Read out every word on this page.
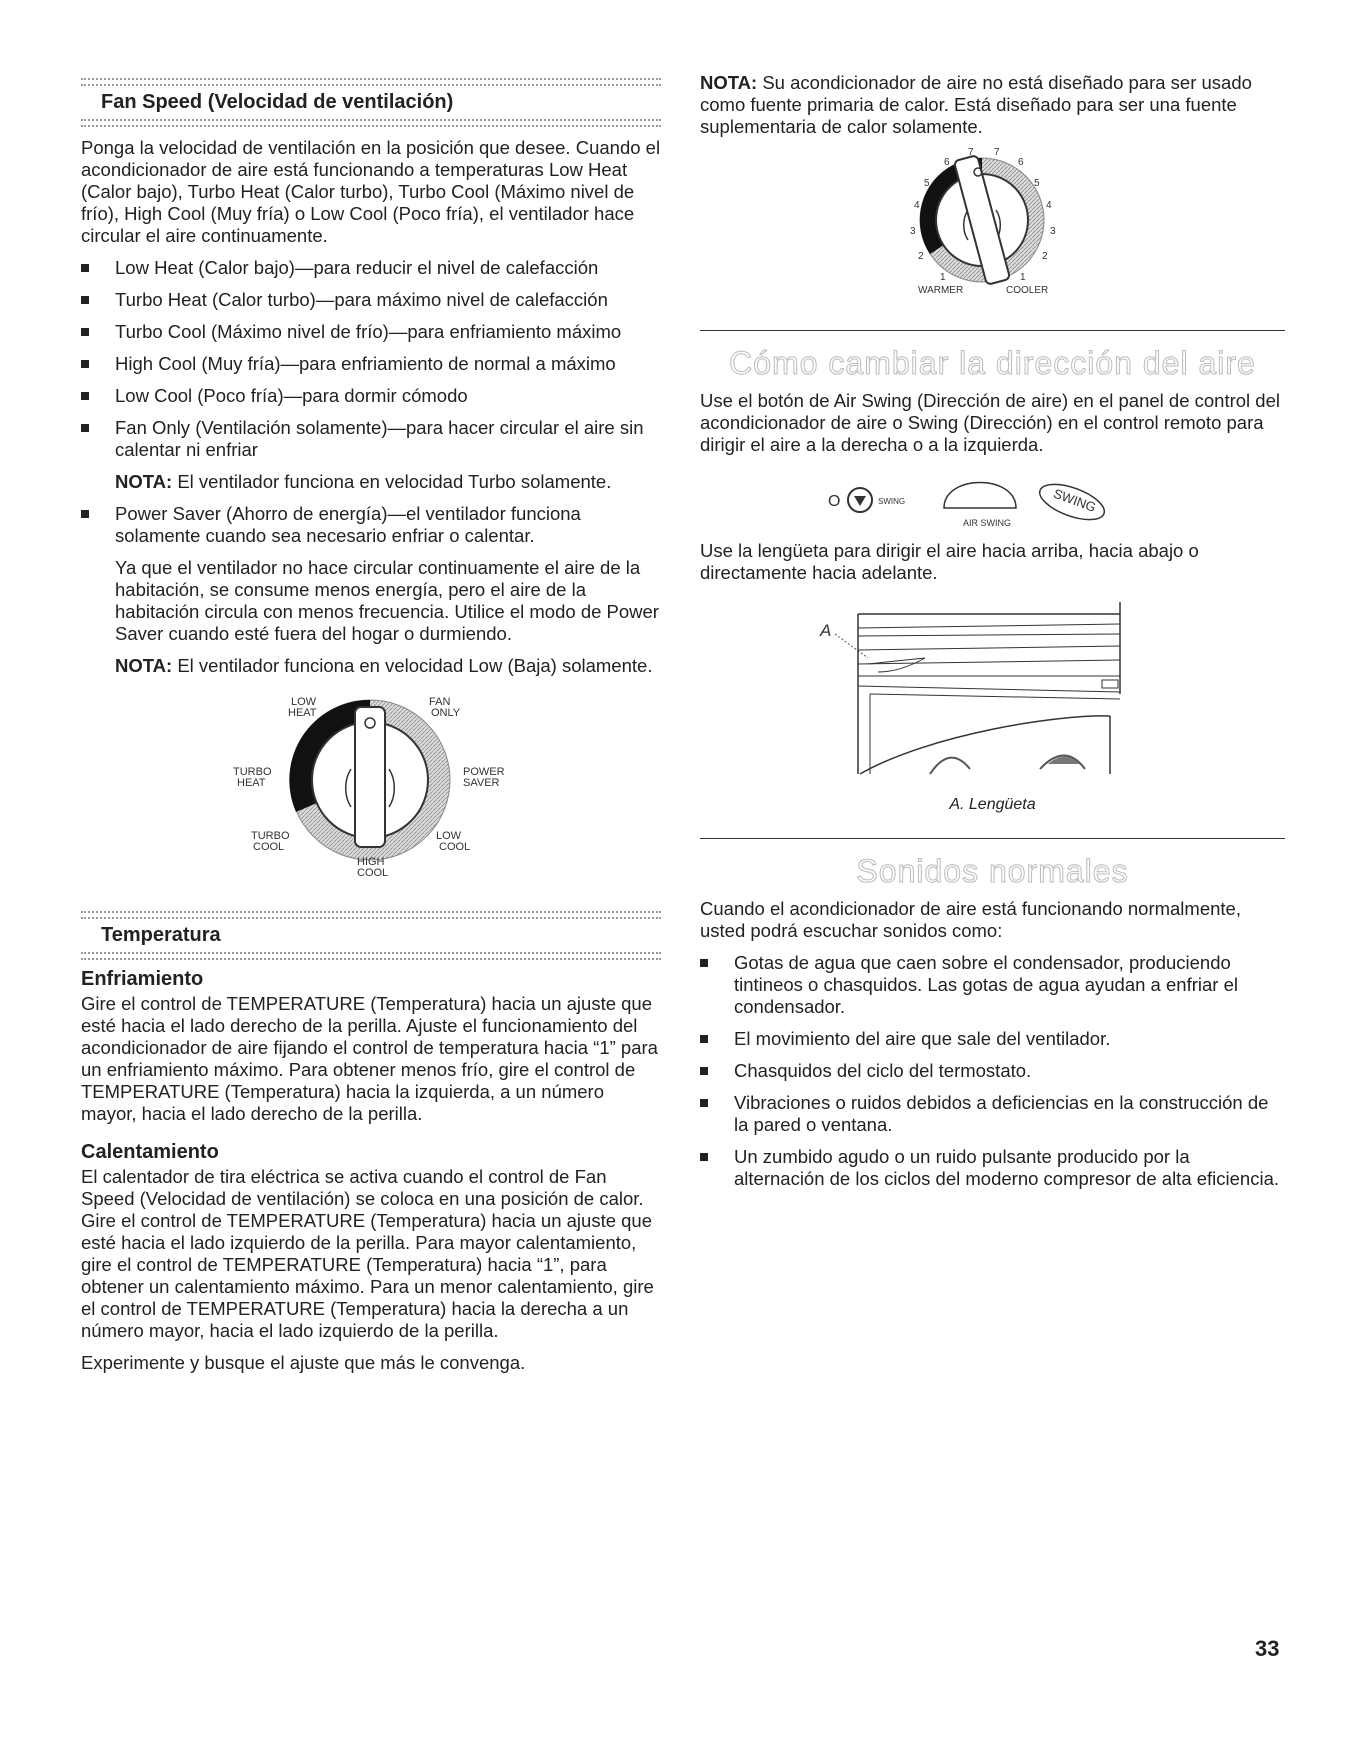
Fan Speed (Velocidad de ventilación)

Ponga la velocidad de ventilación en la posición que desee. Cuando el acondicionador de aire está funcionando a temperaturas Low Heat (Calor bajo), Turbo Heat (Calor turbo), Turbo Cool (Máximo nivel de frío), High Cool (Muy fría) o Low Cool (Poco fría), el ventilador hace circular el aire continuamente.

Low Heat (Calor bajo)—para reducir el nivel de calefacción
Turbo Heat (Calor turbo)—para máximo nivel de calefacción
Turbo Cool (Máximo nivel de frío)—para enfriamiento máximo
High Cool (Muy fría)—para enfriamiento de normal a máximo
Low Cool (Poco fría)—para dormir cómodo
Fan Only (Ventilación solamente)—para hacer circular el aire sin calentar ni enfriar

NOTA: El ventilador funciona en velocidad Turbo solamente.

Power Saver (Ahorro de energía)—el ventilador funciona solamente cuando sea necesario enfriar o calentar.

Ya que el ventilador no hace circular continuamente el aire de la habitación, se consume menos energía, pero el aire de la habitación circula con menos frecuencia. Utilice el modo de Power Saver cuando esté fuera del hogar o durmiendo.

NOTA: El ventilador funciona en velocidad Low (Baja) solamente.

LOW
HEAT
FAN
ONLY
TURBO
HEAT
POWER
SAVER
TURBO
COOL
LOW
COOL
HIGH
COOL
Temperatura
Enfriamiento

Gire el control de TEMPERATURE (Temperatura) hacia un ajuste que esté hacia el lado derecho de la perilla. Ajuste el funcionamiento del acondicionador de aire fijando el control de temperatura hacia “1” para un enfriamiento máximo. Para obtener menos frío, gire el control de TEMPERATURE (Temperatura) hacia la izquierda, a un número mayor, hacia el lado derecho de la perilla.

Calentamiento

El calentador de tira eléctrica se activa cuando el control de Fan Speed (Velocidad de ventilación) se coloca en una posición de calor. Gire el control de TEMPERATURE (Temperatura) hacia un ajuste que esté hacia el lado izquierdo de la perilla. Para mayor calentamiento, gire el control de TEMPERATURE (Temperatura) hacia “1”, para obtener un calentamiento máximo. Para un menor calentamiento, gire el control de TEMPERATURE (Temperatura) hacia la derecha a un número mayor, hacia el lado izquierdo de la perilla.

Experimente y busque el ajuste que más le convenga.

NOTA: Su acondicionador de aire no está diseñado para ser usado como fuente primaria de calor. Está diseñado para ser una fuente suplementaria de calor solamente.

6
7 7
6
5	5
4	4
3	3
2	2
1	1
WARMER	COOLER
Cómo cambiar la dirección del aire

Use el botón de Air Swing (Dirección de aire) en el panel de control del acondicionador de aire o Swing (Dirección) en el control remoto para dirigir el aire a la derecha o a la izquierda.

O	SWING
AIR SWING
SWING

Use la lengüeta para dirigir el aire hacia arriba, hacia abajo o directamente hacia adelante.

A
A. Lengüeta
Sonidos normales

Cuando el acondicionador de aire está funcionando normalmente, usted podrá escuchar sonidos como:

Gotas de agua que caen sobre el condensador, produciendo tintineos o chasquidos. Las gotas de agua ayudan a enfriar el condensador.
El movimiento del aire que sale del ventilador.
Chasquidos del ciclo del termostato.
Vibraciones o ruidos debidos a deficiencias en la construcción de la pared o ventana.
Un zumbido agudo o un ruido pulsante producido por la alternación de los ciclos del moderno compresor de alta eficiencia.
33
